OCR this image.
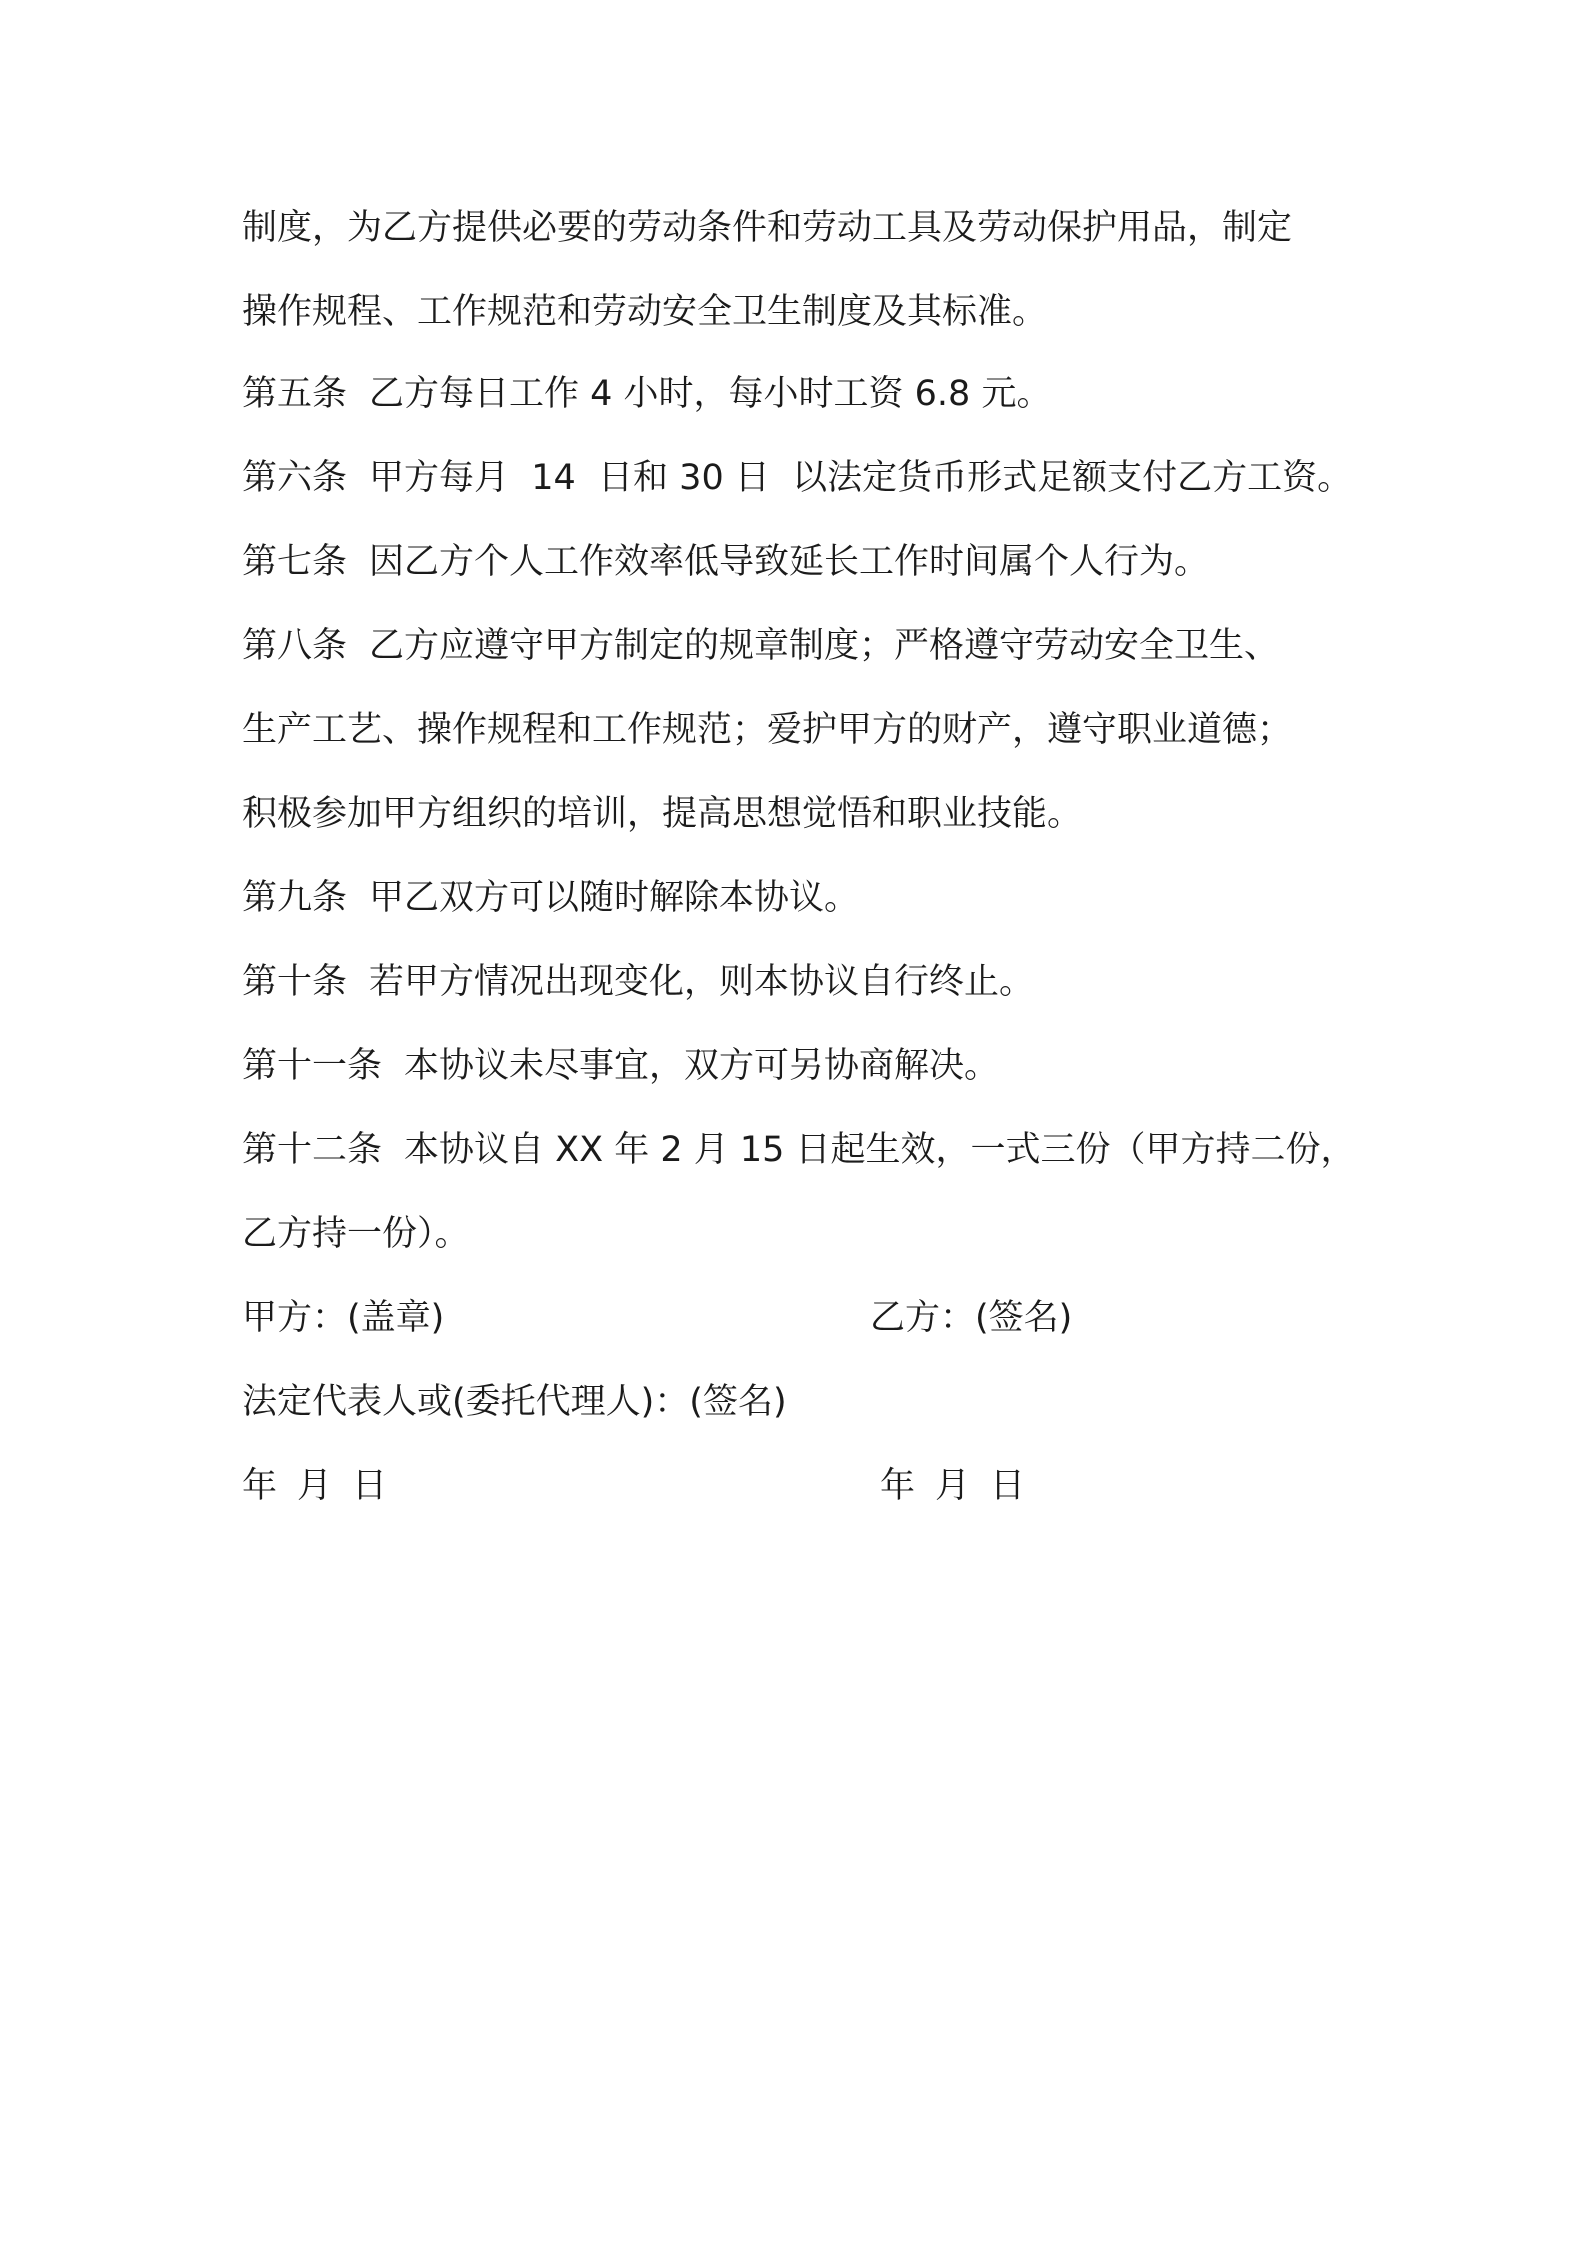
制度，为乙方提供必要的劳动条件和劳动工具及劳动保护用品，制定
操作规程、工作规范和劳动安全卫生制度及其标准。
第五条 乙方每日工作 4 小时，每小时工资 6.8 元。
第六条 甲方每月  14  日和 30 日  以法定货币形式足额支付乙方工资。
第七条 因乙方个人工作效率低导致延长工作时间属个人行为。
第八条 乙方应遵守甲方制定的规章制度；严格遵守劳动安全卫生、
生产工艺、操作规程和工作规范；爱护甲方的财产，遵守职业道德；
积极参加甲方组织的培训，提高思想觉悟和职业技能。
第九条 甲乙双方可以随时解除本协议。
第十条 若甲方情况出现变化，则本协议自行终止。
第十一条 本协议未尽事宜，双方可另协商解决。
第十二条 本协议自 XX 年 2 月 15 日起生效，一式三份（甲方持二份，
乙方持一份）。
甲方：(盖章)	乙方：(签名)
法定代表人或(委托代理人)：(签名)
年 月 日	年 月 日
